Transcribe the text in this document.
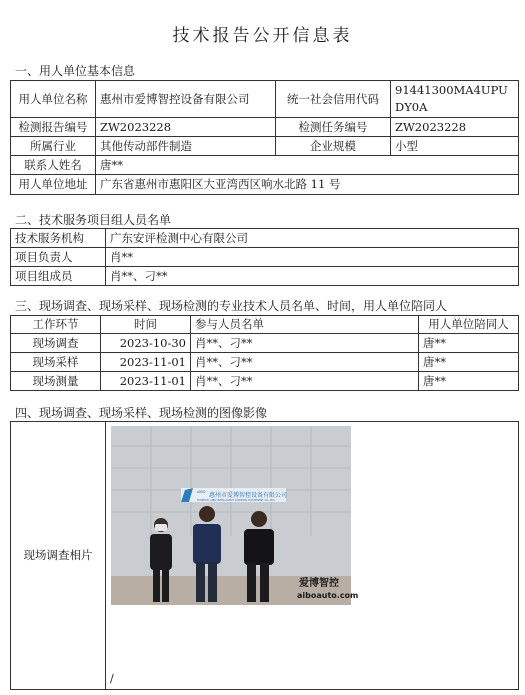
技术报告公开信息表
一、用人单位基本信息
用人单位名称	惠州市爱博智控设备有限公司	统一社会信用代码	91441300MA4UPUDY0A
检测报告编号	ZW2023228	检测任务编号	ZW2023228
所属行业	其他传动部件制造	企业规模	小型
联系人姓名	唐**		
用人单位地址	广东省惠州市惠阳区大亚湾西区响水北路 11 号		
二、技术服务项目组人员名单
技术服务机构	广东安评检测中心有限公司
项目负责人	肖**
项目组成员	肖**、刁**
三、现场调查、现场采样、现场检测的专业技术人员名单、时间，用人单位陪同人
工作环节	时间	参与人员名单	用人单位陪同人
现场调查	2023-10-30	肖**、刁**	唐**
现场采样	2023-11-01	肖**、刁**	唐**
现场测量	2023-11-01	肖**、刁**	唐**
四、现场调查、现场采样、现场检测的图像影像
现场调查相片	
AIBO 惠州市爱博智控设备有限公司
HUIZHOU AIBO INTELLIGENT CONTROL EQUIPMENT CO.,LTD
爱博智控
aiboauto.com
/
